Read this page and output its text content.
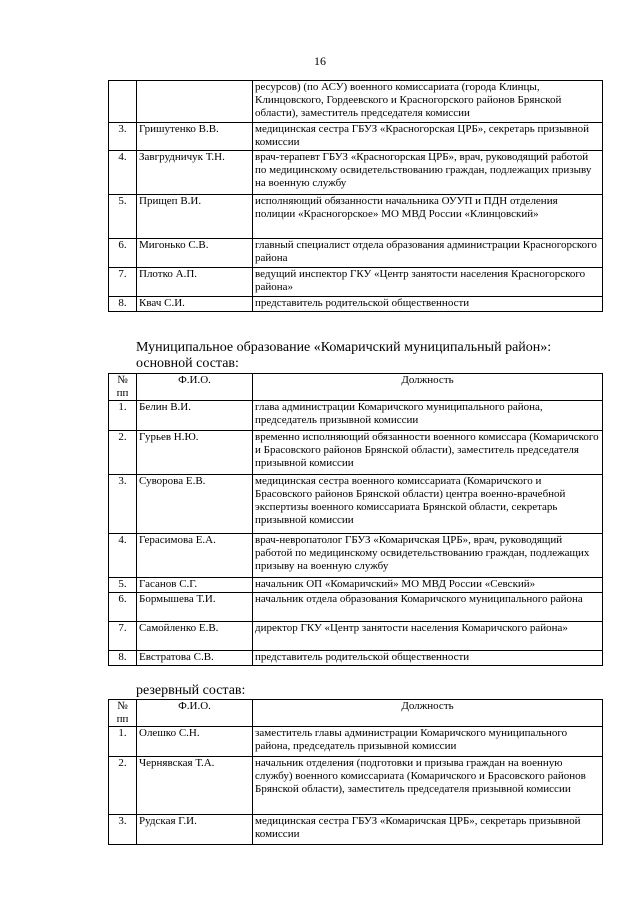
16
		ресурсов) (по АСУ) военного комиссариата (города Клинцы, Клинцовского, Гордеевского и Красногорского районов Брянской области), заместитель председателя комиссии
3.	Гришутенко В.В.	медицинская сестра ГБУЗ «Красногорская ЦРБ», секретарь призывной комиссии
4.	Завгрудничук Т.Н.	врач-терапевт ГБУЗ «Красногорская ЦРБ», врач, руководящий работой по медицинскому освидетельствованию граждан, подлежащих призыву на военную службу
5.	Прищеп В.И.	исполняющий обязанности начальника ОУУП и ПДН отделения полиции «Красногорское» МО МВД России «Клинцовский»
6.	Мигонько С.В.	главный специалист отдела образования администрации Красногорского района
7.	Плотко А.П.	ведущий инспектор ГКУ «Центр занятости населения Красногорского района»
8.	Квач С.И.	представитель родительской общественности
Муниципальное образование «Комаричский муниципальный район»:
основной состав:
№ пп	Ф.И.О.	Должность
1.	Белин В.И.	глава администрации Комаричского муниципального района, председатель призывной комиссии
2.	Гурьев Н.Ю.	временно исполняющий обязанности военного комиссара (Комаричского и Брасовского районов Брянской области), заместитель председателя призывной комиссии
3.	Суворова Е.В.	медицинская сестра военного комиссариата (Комаричского и Брасовского районов Брянской области) центра военно-врачебной экспертизы военного комиссариата Брянской области, секретарь призывной комиссии
4.	Герасимова Е.А.	врач-невропатолог ГБУЗ «Комаричская ЦРБ», врач, руководящий работой по медицинскому освидетельствованию граждан, подлежащих призыву на военную службу
5.	Гасанов С.Г.	начальник ОП «Комаричский» МО МВД России «Севский»
6.	Бормышева Т.И.	начальник отдела образования Комаричского муниципального района
7.	Самойленко Е.В.	директор ГКУ «Центр занятости населения Комаричского района»
8.	Евстратова С.В.	представитель родительской общественности
резервный состав:
№ пп	Ф.И.О.	Должность
1.	Олешко С.Н.	заместитель главы администрации Комаричского муниципального района, председатель призывной комиссии
2.	Чернявская Т.А.	начальник отделения (подготовки и призыва граждан на военную службу) военного комиссариата (Комаричского и Брасовского районов Брянской области), заместитель председателя призывной комиссии
3.	Рудская Г.И.	медицинская сестра ГБУЗ «Комаричская ЦРБ», секретарь призывной комиссии
